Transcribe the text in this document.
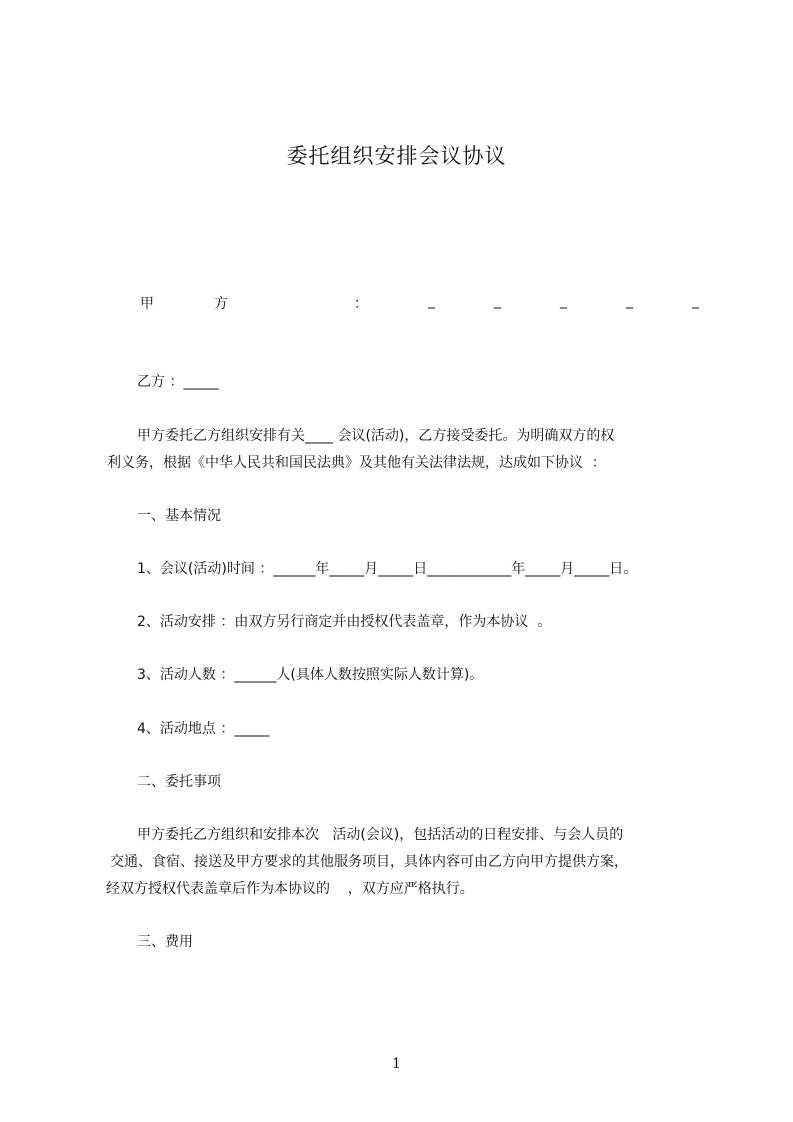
委托组织安排会议协议
甲	方	：	_	_	_	_	_
乙方 ：_____
甲方委托乙方组织安排有关____ 会议(活动)，乙方接受委托。为明确双方的权
利义务，根据《中华人民共和国民法典》及其他有关法律法规，达成如下协议  ：
一、基本情况
1、会议(活动)时间 ：______年_____月_____日____________年_____月_____日。
2、活动安排 ：由双方另行商定并由授权代表盖章，作为本协议  。
3、活动人数 ：______人(具体人数按照实际人数计算)。
4、活动地点 ：_____
二、委托事项
甲方委托乙方组织和安排本次   活动(会议)，包括活动的日程安排、与会人员的
交通、食宿、接送及甲方要求的其他服务项目，具体内容可由乙方向甲方提供方案，
经双方授权代表盖章后作为本协议的    ，双方应严格执行。
三、费用
1
